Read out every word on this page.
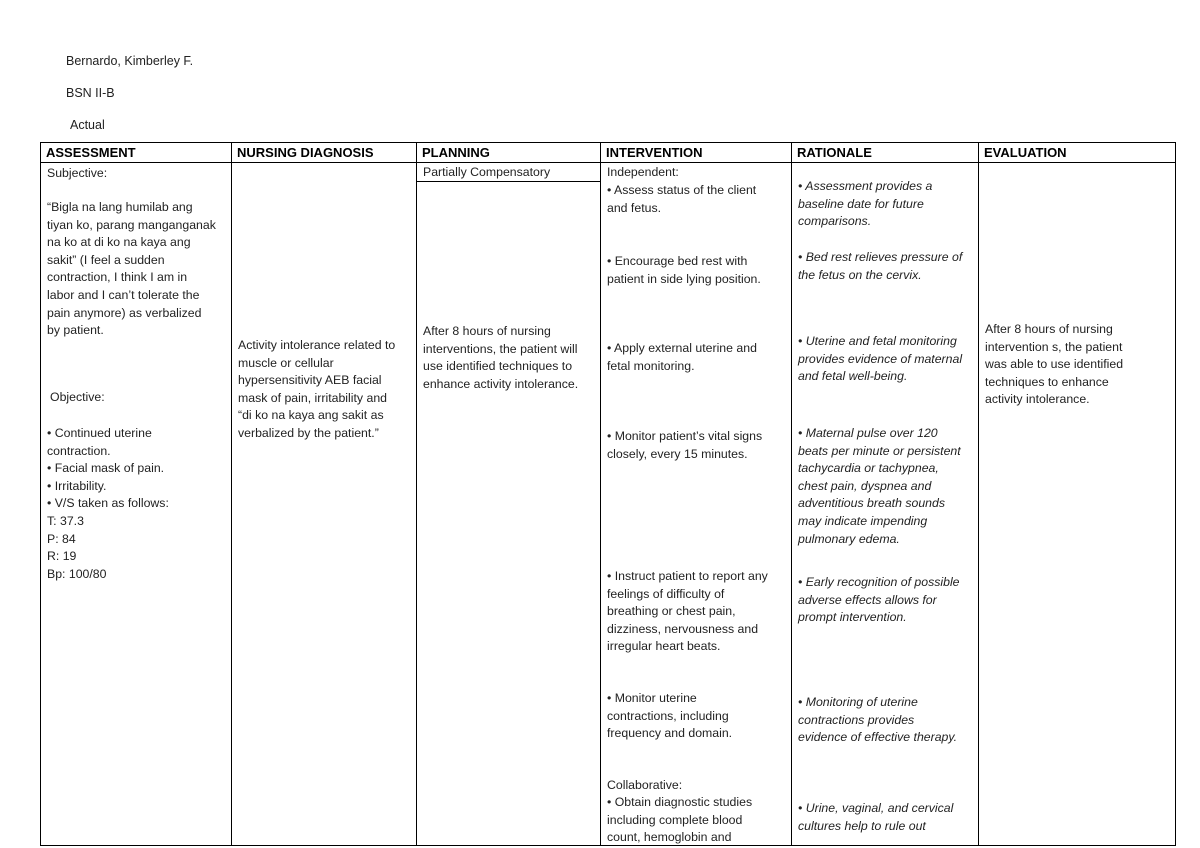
Bernardo, Kimberley F.
BSN II-B
Actual
ASSESSMENT
Subjective:
“Bigla na lang humilab ang
tiyan ko, parang manganganak
na ko at di ko na kaya ang
sakit” (I feel a sudden
contraction, I think I am in
labor and I can’t tolerate the
pain anymore) as verbalized
by patient.
Objective:
• Continued uterine
contraction.
• Facial mask of pain.
• Irritability.
• V/S taken as follows:
T: 37.3
P: 84
R: 19
Bp: 100/80
NURSING DIAGNOSIS
Activity intolerance related to
muscle or cellular
hypersensitivity AEB facial
mask of pain, irritability and
“di ko na kaya ang sakit as
verbalized by the patient.”
PLANNING
Partially Compensatory
After 8 hours of nursing
interventions, the patient will
use identified techniques to
enhance activity intolerance.
INTERVENTION
Independent:
• Assess status of the client
and fetus.
• Encourage bed rest with
patient in side lying position.
• Apply external uterine and
fetal monitoring.
• Monitor patient’s vital signs
closely, every 15 minutes.
• Instruct patient to report any
feelings of difficulty of
breathing or chest pain,
dizziness, nervousness and
irregular heart beats.
• Monitor uterine
contractions, including
frequency and domain.
Collaborative:
• Obtain diagnostic studies
including complete blood
count, hemoglobin and
RATIONALE
• Assessment provides a
baseline date for future
comparisons.
• Bed rest relieves pressure of
the fetus on the cervix.
• Uterine and fetal monitoring
provides evidence of maternal
and fetal well-being.
• Maternal pulse over 120
beats per minute or persistent
tachycardia or tachypnea,
chest pain, dyspnea and
adventitious breath sounds
may indicate impending
pulmonary edema.
• Early recognition of possible
adverse effects allows for
prompt intervention.
• Monitoring of uterine
contractions provides
evidence of effective therapy.
• Urine, vaginal, and cervical
cultures help to rule out
EVALUATION
After 8 hours of nursing
intervention s, the patient
was able to use identified
techniques to enhance
activity intolerance.
